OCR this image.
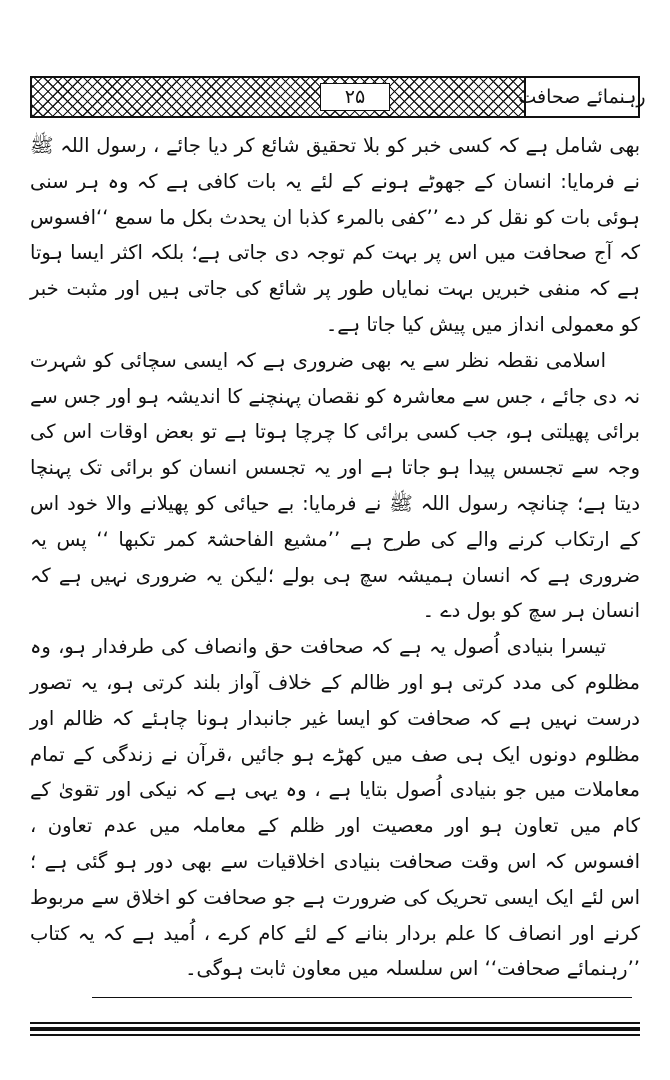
رہنمائے صحافت
۲۵

بھی شامل ہے کہ کسی خبر کو بلا تحقیق شائع کر دیا جائے ، رسول اللہ ﷺ نے فرمایا: انسان کے جھوٹے ہونے کے لئے یہ بات کافی ہے کہ وہ ہر سنی ہوئی بات کو نقل کر دے ’’کفی بالمرء کذبا ان یحدث بکل ما سمع ‘‘افسوس کہ آج صحافت میں اس پر بہت کم توجہ دی جاتی ہے؛ بلکہ اکثر ایسا ہوتا ہے کہ منفی خبریں بہت نمایاں طور پر شائع کی جاتی ہیں اور مثبت خبر کو معمولی انداز میں پیش کیا جاتا ہے۔

اسلامی نقطہ نظر سے یہ بھی ضروری ہے کہ ایسی سچائی کو شہرت نہ دی جائے ، جس سے معاشرہ کو نقصان پہنچنے کا اندیشہ ہو اور جس سے برائی پھیلتی ہو، جب کسی برائی کا چرچا ہوتا ہے تو بعض اوقات اس کی وجہ سے تجسس پیدا ہو جاتا ہے اور یہ تجسس انسان کو برائی تک پہنچا دیتا ہے؛ چنانچہ رسول اللہ ﷺ نے فرمایا: بے حیائی کو پھیلانے والا خود اس کے ارتکاب کرنے والے کی طرح ہے ’’مشیع الفاحشۃ کمر تکبھا ‘‘ پس یہ ضروری ہے کہ انسان ہمیشہ سچ ہی بولے ؛لیکن یہ ضروری نہیں ہے کہ انسان ہر سچ کو بول دے ۔

تیسرا بنیادی اُصول یہ ہے کہ صحافت حق وانصاف کی طرفدار ہو، وہ مظلوم کی مدد کرتی ہو اور ظالم کے خلاف آواز بلند کرتی ہو، یہ تصور درست نہیں ہے کہ صحافت کو ایسا غیر جانبدار ہونا چاہئے کہ ظالم اور مظلوم دونوں ایک ہی صف میں کھڑے ہو جائیں ،قرآن نے زندگی کے تمام معاملات میں جو بنیادی اُصول بتایا ہے ، وہ یہی ہے کہ نیکی اور تقویٰ کے کام میں تعاون ہو اور معصیت اور ظلم کے معاملہ میں عدم تعاون ، افسوس کہ اس وقت صحافت بنیادی اخلاقیات سے بھی دور ہو گئی ہے ؛ اس لئے ایک ایسی تحریک کی ضرورت ہے جو صحافت کو اخلاق سے مربوط کرنے اور انصاف کا علم بردار بنانے کے لئے کام کرے ، اُمید ہے کہ یہ کتاب ’’رہنمائے صحافت‘‘ اس سلسلہ میں معاون ثابت ہوگی۔
